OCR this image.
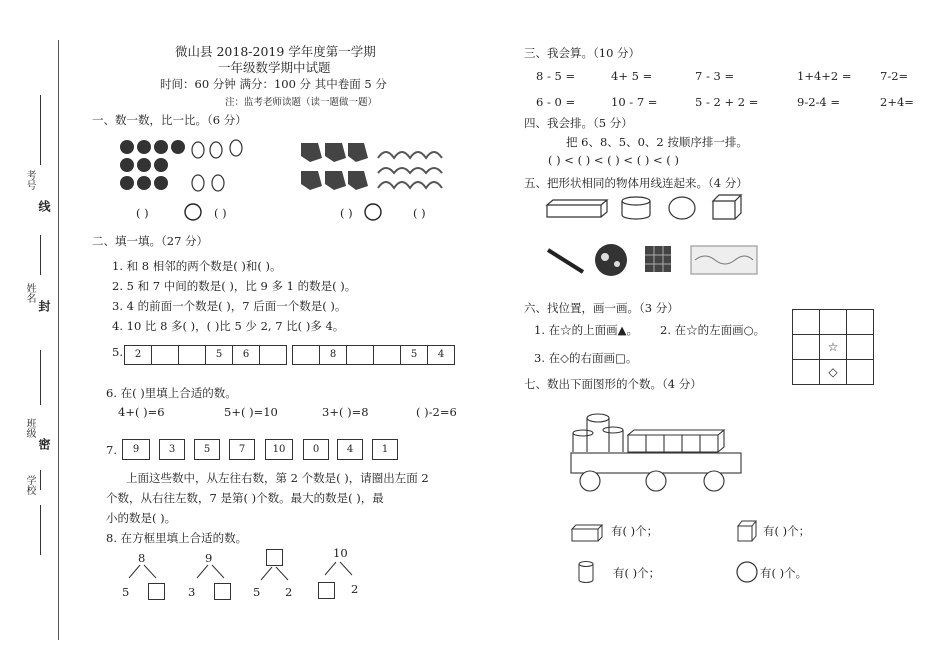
考号
线
姓名
封
班级
密
学校
微山县 2018-2019 学年度第一学期
一年级数学期中试题
时间：60 分钟 满分：100 分 其中卷面 5 分
注：监考老师读题（读一题做一题）
一、数一数，比一比。（6 分）
( )	( )	( )	( )
二、填一填。（27 分）
1. 和 8 相邻的两个数是( )和( )。
2. 5 和 7 中间的数是( )，比 9 多 1 的数是( )。
3. 4 的前面一个数是( )，7 后面一个数是( )。
4. 10 比 8 多( )，( )比 5 少 2, 7 比( )多 4。
5.	2	5	6	8	5	4
6. 在( )里填上合适的数。
4+( )=6	5+( )=10	3+( )=8	( )-2=6
7.	9	3	5	7	10	0	4	1
上面这些数中，从左往右数，第 2 个数是( )，请圈出左面 2
个数，从右往左数，7 是第( )个数。最大的数是( )，最
小的数是( )。
8. 在方框里填上合适的数。
8
5
9
3	5 2
10
2
三、我会算。（10 分）
8 - 5 =	4+ 5 =	7 - 3 =	1+4+2 = 7-2=
6 - 0 =	10 - 7 =	5 - 2 + 2 =	9-2-4 =	2+4=
四、我会排。（5 分）
把 6、8、5、0、2 按顺序排一排。
( ) < ( ) < ( ) < ( ) < ( )
五、把形状相同的物体用线连起来。（4 分）
六、找位置，画一画。（3 分）
1. 在☆的上面画▲。 2. 在☆的左面画○。
3. 在◇的右面画□。

	☆	
	◇	
七、数出下面图形的个数。（4 分）
有( )个；	有( )个；
有( )个；	有( )个。
